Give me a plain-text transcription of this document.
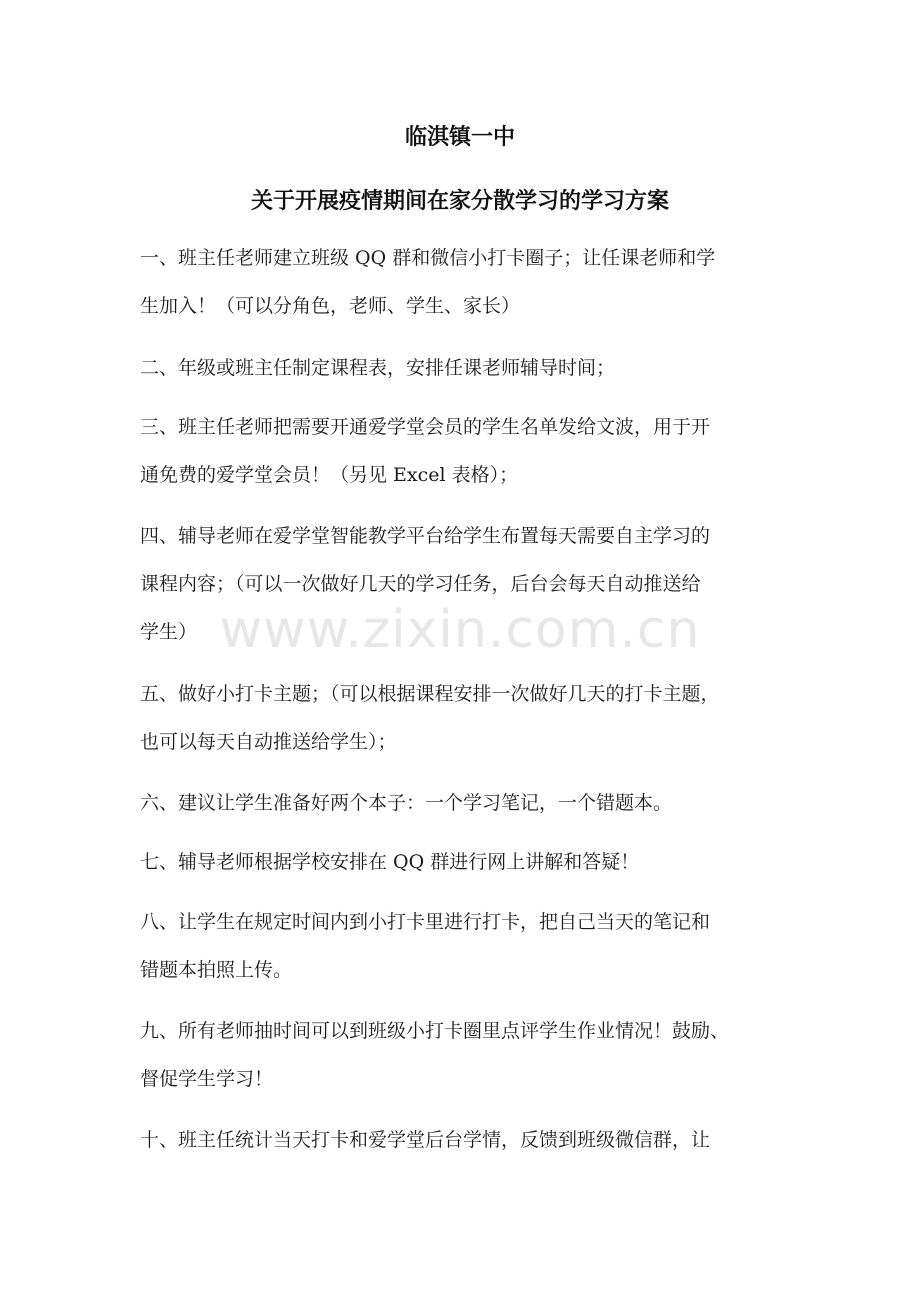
临淇镇一中
关于开展疫情期间在家分散学习的学习方案

一、班主任老师建立班级 QQ 群和微信小打卡圈子；让任课老师和学

生加入！（可以分角色，老师、学生、家长）

二、年级或班主任制定课程表，安排任课老师辅导时间；

三、班主任老师把需要开通爱学堂会员的学生名单发给文波，用于开

通免费的爱学堂会员！（另见 Excel 表格）；

四、辅导老师在爱学堂智能教学平台给学生布置每天需要自主学习的

课程内容；（可以一次做好几天的学习任务，后台会每天自动推送给

学生）

五、做好小打卡主题；（可以根据课程安排一次做好几天的打卡主题，

也可以每天自动推送给学生）；

六、建议让学生准备好两个本子：一个学习笔记，一个错题本。

七、辅导老师根据学校安排在 QQ 群进行网上讲解和答疑！

八、让学生在规定时间内到小打卡里进行打卡，把自己当天的笔记和

错题本拍照上传。

九、所有老师抽时间可以到班级小打卡圈里点评学生作业情况！鼓励、

督促学生学习！

十、班主任统计当天打卡和爱学堂后台学情，反馈到班级微信群，让

www.zixin.com.cn
